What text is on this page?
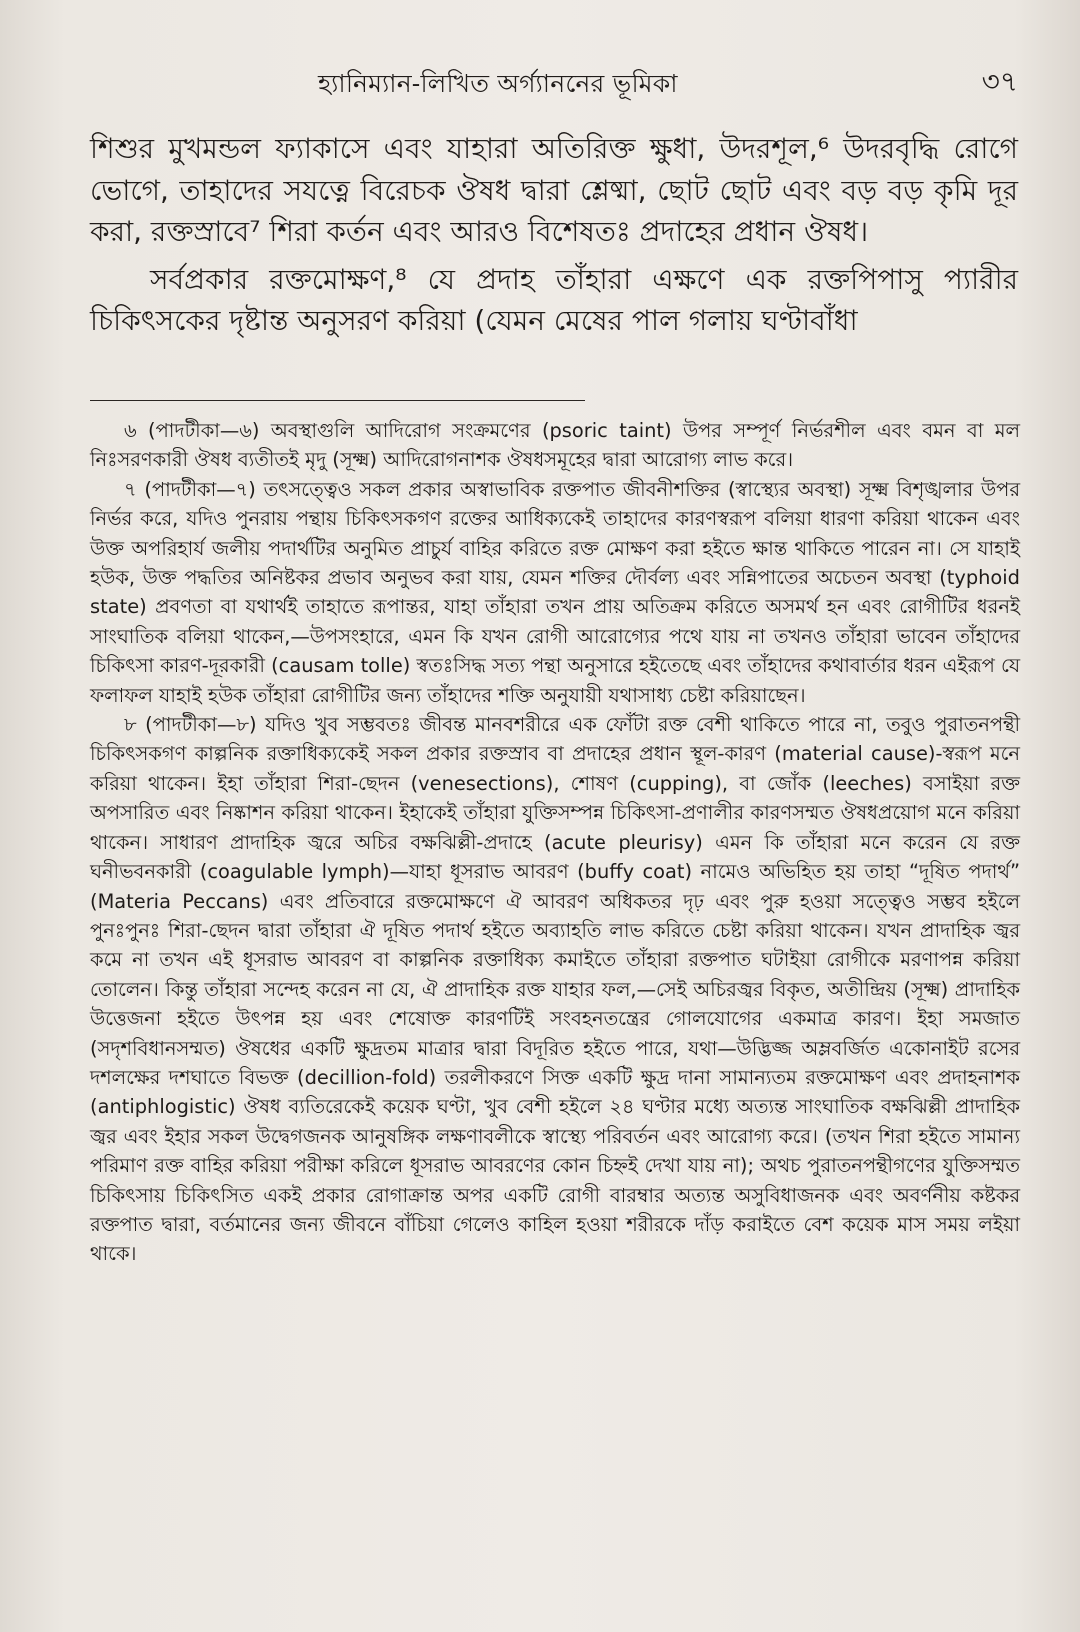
হ্যানিম্যান-লিখিত অর্গ্যাননের ভূমিকা	৩৭

শিশুর মুখমন্ডল ফ্যাকাসে এবং যাহারা অতিরিক্ত ক্ষুধা, উদরশূল,⁶ উদরবৃদ্ধি রোগে ভোগে, তাহাদের সযত্নে বিরেচক ঔষধ দ্বারা শ্লেষ্মা, ছোট ছোট এবং বড় বড় কৃমি দূর করা, রক্তস্রাবে⁷ শিরা কর্তন এবং আরও বিশেষতঃ প্রদাহের প্রধান ঔষধ।

সর্বপ্রকার রক্তমোক্ষণ,⁸ যে প্রদাহ তাঁহারা এক্ষণে এক রক্তপিপাসু প্যারীর চিকিৎসকের দৃষ্টান্ত অনুসরণ করিয়া (যেমন মেষের পাল গলায় ঘণ্টাবাঁধা

৬ (পাদটীকা—৬) অবস্থাগুলি আদিরোগ সংক্রমণের (psoric taint) উপর সম্পূর্ণ নির্ভরশীল এবং বমন বা মল নিঃসরণকারী ঔষধ ব্যতীতই মৃদু (সূক্ষ্ম) আদিরোগনাশক ঔষধসমূহের দ্বারা আরোগ্য লাভ করে।

৭ (পাদটীকা—৭) তৎসত্ত্বেও সকল প্রকার অস্বাভাবিক রক্তপাত জীবনীশক্তির (স্বাস্থ্যের অবস্থা) সূক্ষ্ম বিশৃঙ্খলার উপর নির্ভর করে, যদিও পুনরায় পন্থায় চিকিৎসকগণ রক্তের আধিক্যকেই তাহাদের কারণস্বরূপ বলিয়া ধারণা করিয়া থাকেন এবং উক্ত অপরিহার্য জলীয় পদার্থটির অনুমিত প্রাচুর্য বাহির করিতে রক্ত মোক্ষণ করা হইতে ক্ষান্ত থাকিতে পারেন না। সে যাহাই হউক, উক্ত পদ্ধতির অনিষ্টকর প্রভাব অনুভব করা যায়, যেমন শক্তির দৌর্বল্য এবং সন্নিপাতের অচেতন অবস্থা (typhoid state) প্রবণতা বা যথার্থই তাহাতে রূপান্তর, যাহা তাঁহারা তখন প্রায় অতিক্রম করিতে অসমর্থ হন এবং রোগীটির ধরনই সাংঘাতিক বলিয়া থাকেন,—উপসংহারে, এমন কি যখন রোগী আরোগ্যের পথে যায় না তখনও তাঁহারা ভাবেন তাঁহাদের চিকিৎসা কারণ-দূরকারী (causam tolle) স্বতঃসিদ্ধ সত্য পন্থা অনুসারে হইতেছে এবং তাঁহাদের কথাবার্তার ধরন এইরূপ যে ফলাফল যাহাই হউক তাঁহারা রোগীটির জন্য তাঁহাদের শক্তি অনুযায়ী যথাসাধ্য চেষ্টা করিয়াছেন।

৮ (পাদটীকা—৮) যদিও খুব সম্ভবতঃ জীবন্ত মানবশরীরে এক ফোঁটা রক্ত বেশী থাকিতে পারে না, তবুও পুরাতনপন্থী চিকিৎসকগণ কাল্পনিক রক্তাধিক্যকেই সকল প্রকার রক্তস্রাব বা প্রদাহের প্রধান স্থূল-কারণ (material cause)-স্বরূপ মনে করিয়া থাকেন। ইহা তাঁহারা শিরা-ছেদন (venesections), শোষণ (cupping), বা জোঁক (leeches) বসাইয়া রক্ত অপসারিত এবং নিষ্কাশন করিয়া থাকেন। ইহাকেই তাঁহারা যুক্তিসম্পন্ন চিকিৎসা-প্রণালীর কারণসম্মত ঔষধপ্রয়োগ মনে করিয়া থাকেন। সাধারণ প্রাদাহিক জ্বরে অচির বক্ষঝিল্লী-প্রদাহে (acute pleurisy) এমন কি তাঁহারা মনে করেন যে রক্ত ঘনীভবনকারী (coagulable lymph)—যাহা ধূসরাভ আবরণ (buffy coat) নামেও অভিহিত হয় তাহা “দূষিত পদার্থ” (Materia Peccans) এবং প্রতিবারে রক্তমোক্ষণে ঐ আবরণ অধিকতর দৃঢ় এবং পুরু হওয়া সত্ত্বেও সম্ভব হইলে পুনঃপুনঃ শিরা-ছেদন দ্বারা তাঁহারা ঐ দূষিত পদার্থ হইতে অব্যাহতি লাভ করিতে চেষ্টা করিয়া থাকেন। যখন প্রাদাহিক জ্বর কমে না তখন এই ধূসরাভ আবরণ বা কাল্পনিক রক্তাধিক্য কমাইতে তাঁহারা রক্তপাত ঘটাইয়া রোগীকে মরণাপন্ন করিয়া তোলেন। কিন্তু তাঁহারা সন্দেহ করেন না যে, ঐ প্রাদাহিক রক্ত যাহার ফল,—সেই অচিরজ্বর বিকৃত, অতীন্দ্রিয় (সূক্ষ্ম) প্রাদাহিক উত্তেজনা হইতে উৎপন্ন হয় এবং শেষোক্ত কারণটিই সংবহনতন্ত্রের গোলযোগের একমাত্র কারণ। ইহা সমজাত (সদৃশবিধানসম্মত) ঔষধের একটি ক্ষুদ্রতম মাত্রার দ্বারা বিদূরিত হইতে পারে, যথা—উদ্ভিজ্জ অম্লবর্জিত একোনাইট রসের দশলক্ষের দশঘাতে বিভক্ত (decillion-fold) তরলীকরণে সিক্ত একটি ক্ষুদ্র দানা সামান্যতম রক্তমোক্ষণ এবং প্রদাহনাশক (antiphlogistic) ঔষধ ব্যতিরেকেই কয়েক ঘণ্টা, খুব বেশী হইলে ২৪ ঘণ্টার মধ্যে অত্যন্ত সাংঘাতিক বক্ষঝিল্লী প্রাদাহিক জ্বর এবং ইহার সকল উদ্বেগজনক আনুষঙ্গিক লক্ষণাবলীকে স্বাস্থ্যে পরিবর্তন এবং আরোগ্য করে। (তখন শিরা হইতে সামান্য পরিমাণ রক্ত বাহির করিয়া পরীক্ষা করিলে ধূসরাভ আবরণের কোন চিহ্নই দেখা যায় না); অথচ পুরাতনপন্থীগণের যুক্তিসম্মত চিকিৎসায় চিকিৎসিত একই প্রকার রোগাক্রান্ত অপর একটি রোগী বারম্বার অত্যন্ত অসুবিধাজনক এবং অবর্ণনীয় কষ্টকর রক্তপাত দ্বারা, বর্তমানের জন্য জীবনে বাঁচিয়া গেলেও কাহিল হওয়া শরীরকে দাঁড় করাইতে বেশ কয়েক মাস সময় লইয়া থাকে।
